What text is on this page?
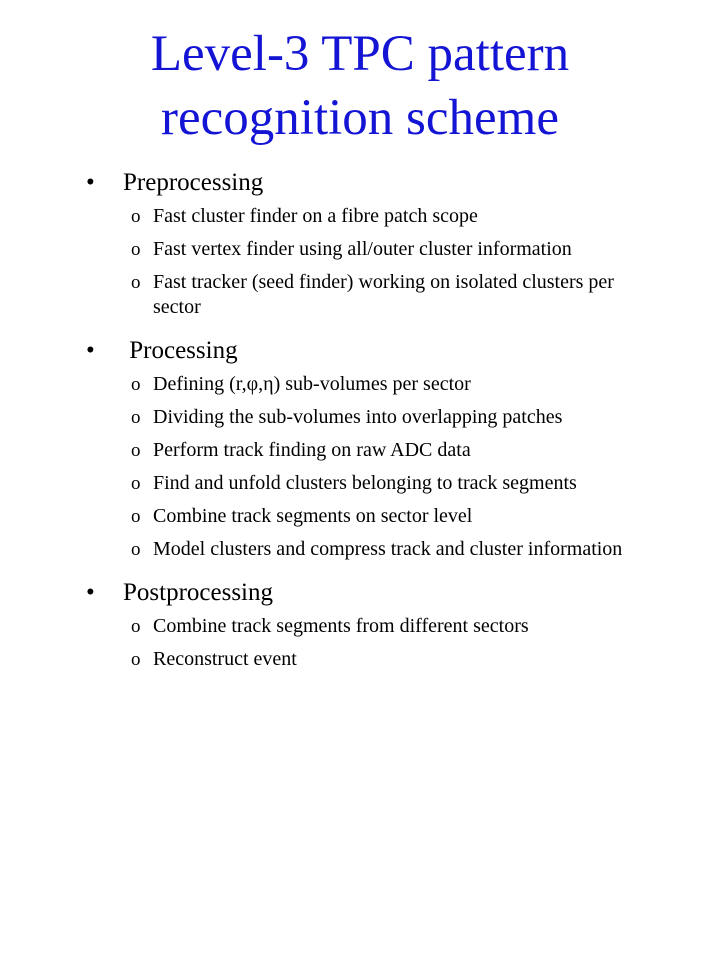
Level-3 TPC pattern recognition scheme
•	Preprocessing
o Fast cluster finder on a fibre patch scope
o Fast vertex finder using all/outer cluster information
o Fast tracker (seed finder) working on isolated clusters per sector
•	Processing
o Defining (r,φ,η) sub-volumes per sector
o Dividing the sub-volumes into overlapping patches
o Perform track finding on raw ADC data
o Find and unfold clusters belonging to track segments
o Combine track segments on sector level
o Model clusters and compress track and cluster information
•	Postprocessing
o Combine track segments from different sectors
o Reconstruct event
